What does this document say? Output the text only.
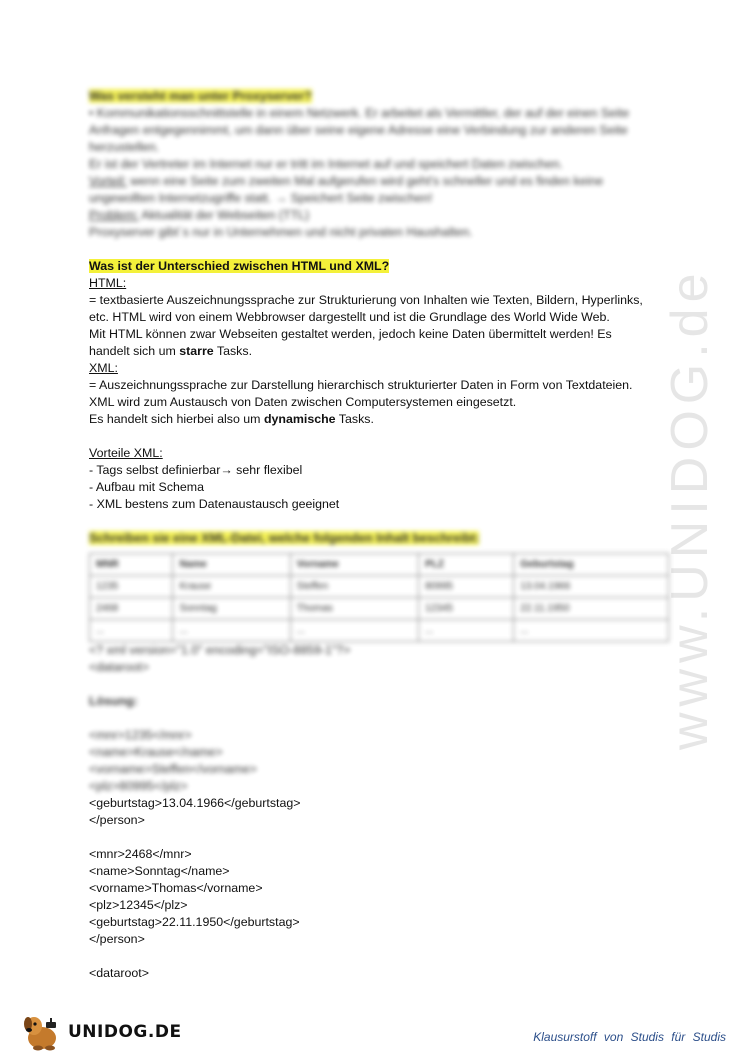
www.UNIDOG.de

Was versteht man unter Proxyserver?

• Kommunikationsschnittstelle in einem Netzwerk. Er arbeitet als Vermittler, der auf der einen Seite

Anfragen entgegennimmt, um dann über seine eigene Adresse eine Verbindung zur anderen Seite

herzustellen.

Er ist der Vertreter im Internet nur er tritt im Internet auf und speichert Daten zwischen.

Vorteil: wenn eine Seite zum zweiten Mal aufgerufen wird geht's schneller und es finden keine

ungewollten Internetzugriffe statt. → Speichert Seite zwischen!

Problem: Aktualität der Webseiten (TTL)

Proxyserver gibt´s nur in Unternehmen und nicht privaten Haushalten.

Was ist der Unterschied zwischen HTML und XML?

HTML:

= textbasierte Auszeichnungssprache zur Strukturierung von Inhalten wie Texten, Bildern, Hyperlinks,

etc. HTML wird von einem Webbrowser dargestellt und ist die Grundlage des World Wide Web.

Mit HTML können zwar Webseiten gestaltet werden, jedoch keine Daten übermittelt werden! Es

handelt sich um starre Tasks.

XML:

= Auszeichnungssprache zur Darstellung hierarchisch strukturierter Daten in Form von Textdateien.

XML wird zum Austausch von Daten zwischen Computersystemen eingesetzt.

Es handelt sich hierbei also um dynamische Tasks.

Vorteile XML:

- Tags selbst definierbar→ sehr flexibel

- Aufbau mit Schema

- XML bestens zum Datenaustausch geeignet

Schreiben sie eine XML-Datei, welche folgenden Inhalt beschreibt:

MNR	Name	Vorname	PLZ	Geburtstag
1235	Krause	Steffen	80995	13.04.1966
2468	Sonntag	Thomas	12345	22.11.1950
...	...	...	...	...

<? xml version="1.0" encoding="ISO-8859-1"?>

<dataroot>

Lösung:

<mnr>1235</mnr>

<name>Krause</name>

<vorname>Steffen</vorname>

<plz>80995</plz>

<geburtstag>13.04.1966</geburtstag>

</person>

<mnr>2468</mnr>

<name>Sonntag</name>

<vorname>Thomas</vorname>

<plz>12345</plz>

<geburtstag>22.11.1950</geburtstag>

</person>

<dataroot>

UNIDOG.DE	Klausurstoff von Studis für Studis
